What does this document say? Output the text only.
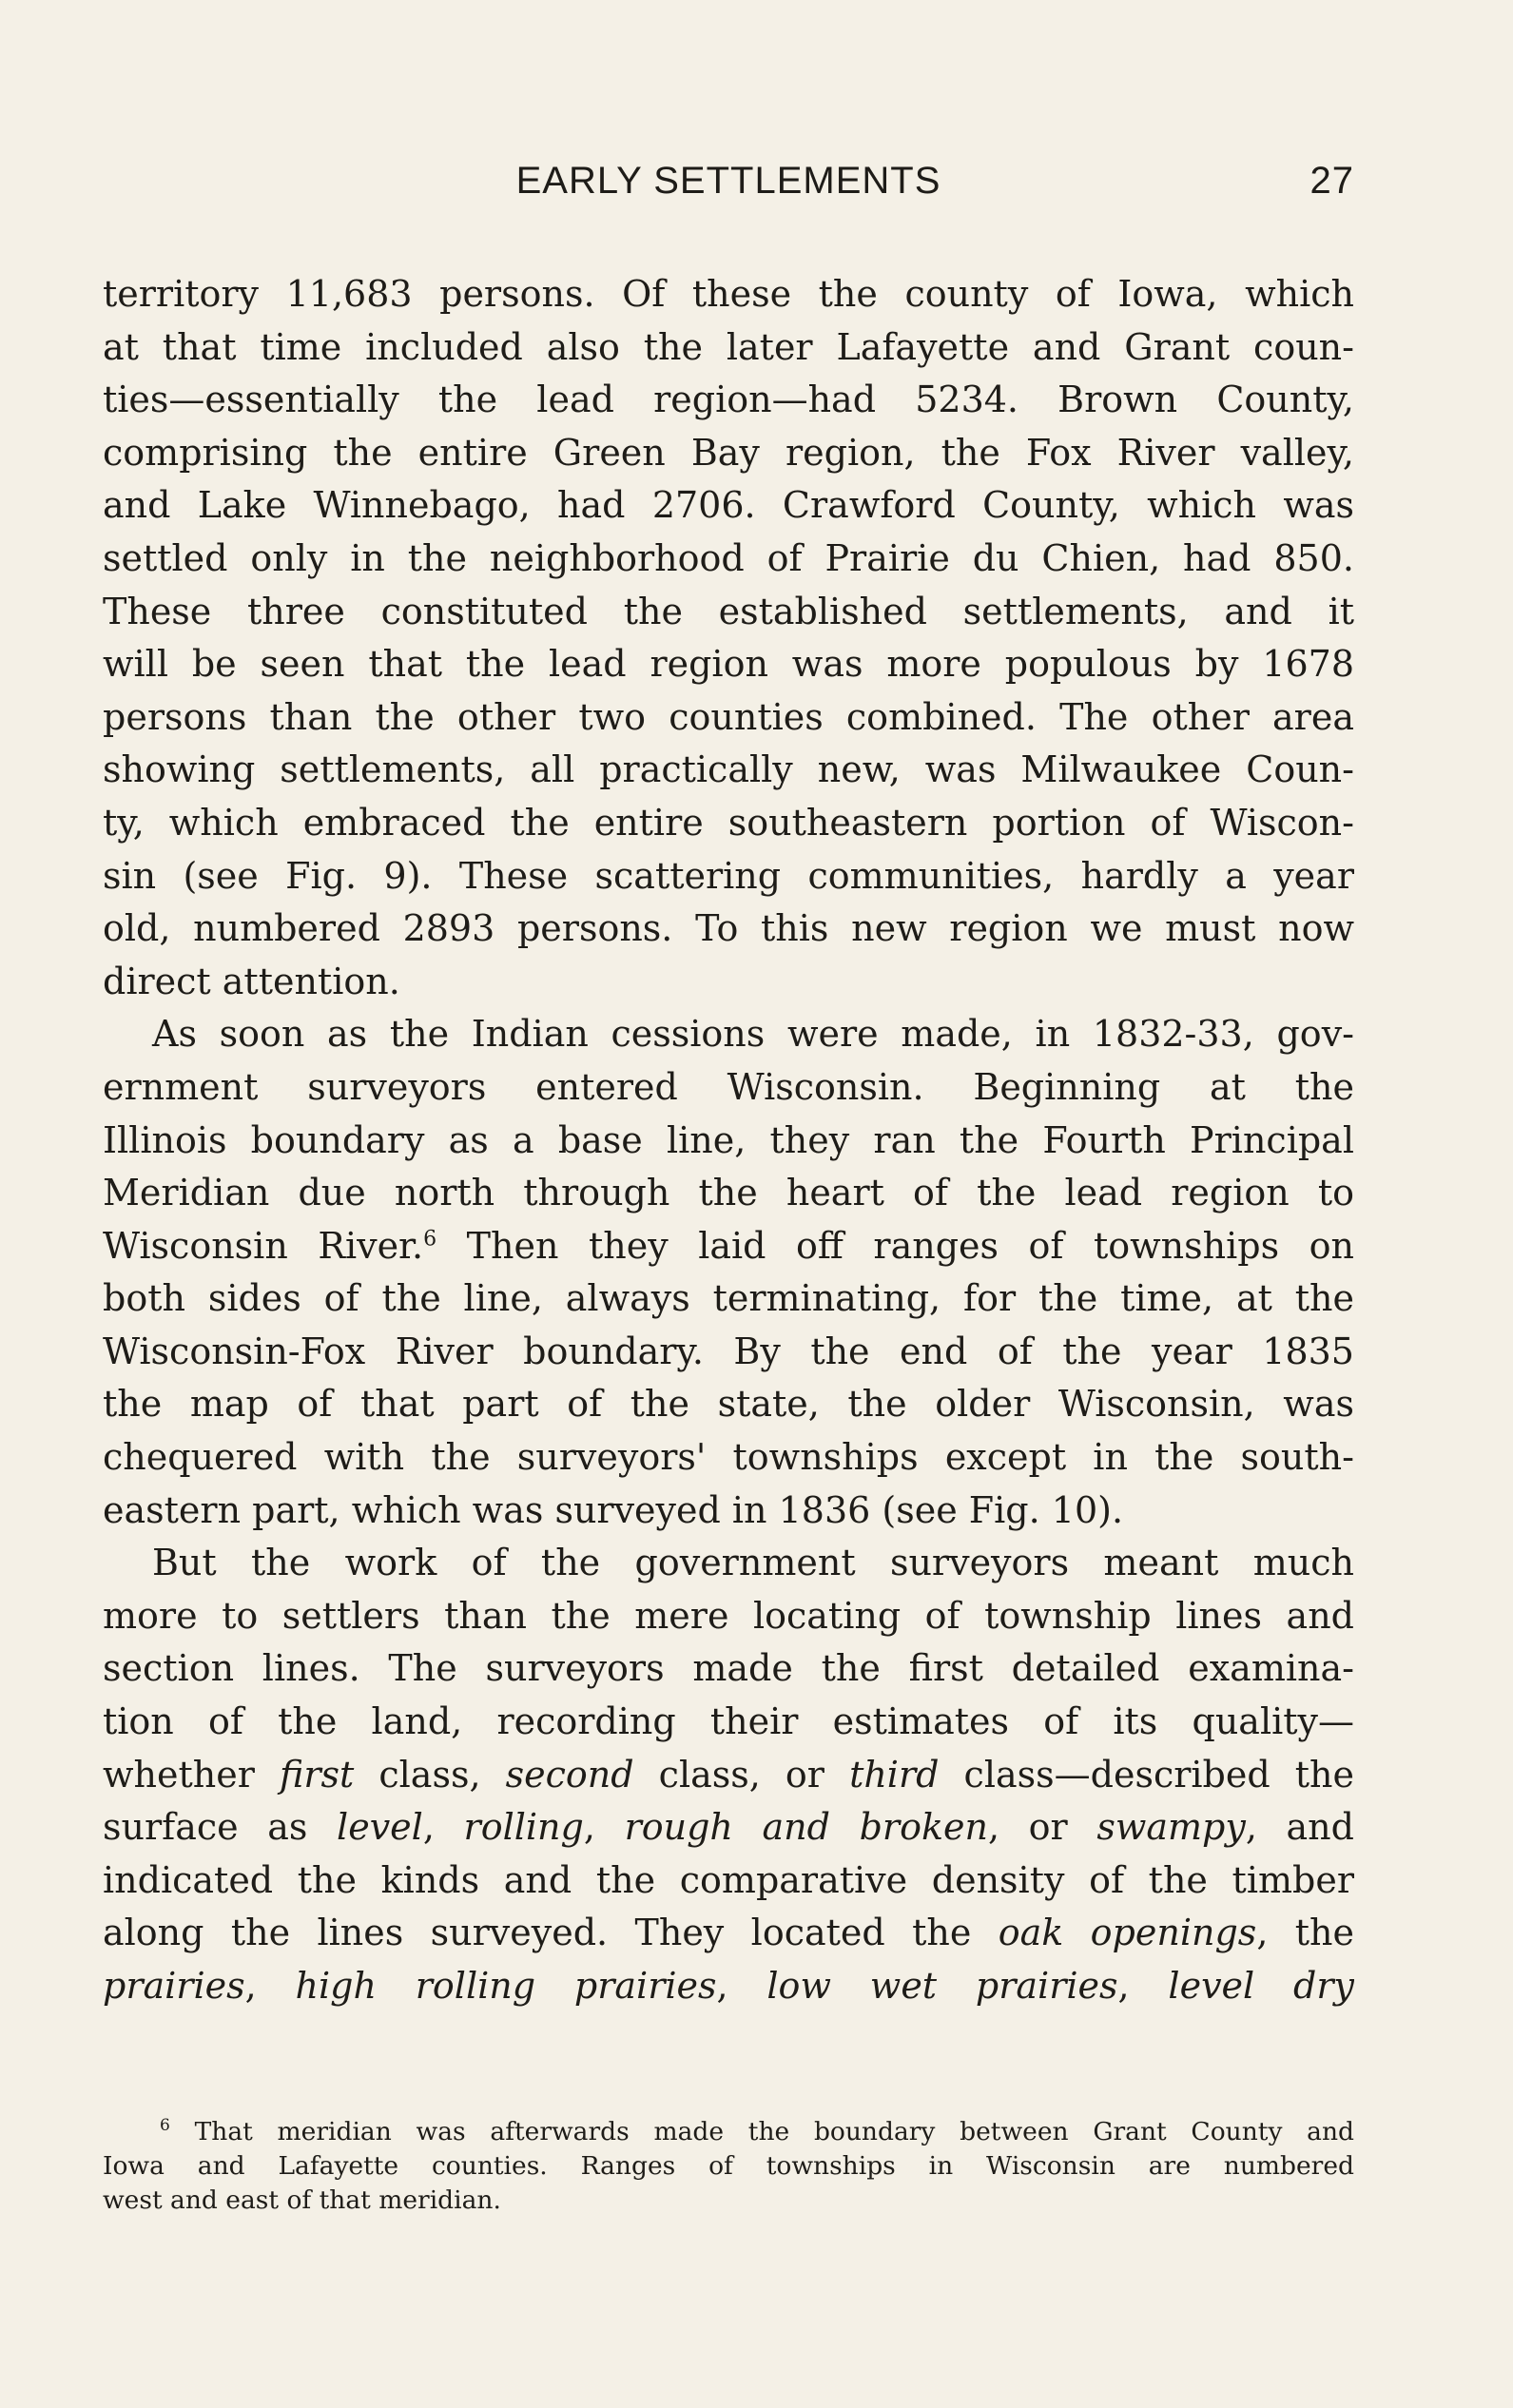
EARLY SETTLEMENTS	27
territory 11,683 persons. Of these the county of Iowa, which
at that time included also the later Lafayette and Grant coun-
ties—essentially the lead region—had 5234. Brown County,
comprising the entire Green Bay region, the Fox River valley,
and Lake Winnebago, had 2706. Crawford County, which was
settled only in the neighborhood of Prairie du Chien, had 850.
These three constituted the established settlements, and it
will be seen that the lead region was more populous by 1678
persons than the other two counties combined. The other area
showing settlements, all practically new, was Milwaukee Coun-
ty, which embraced the entire southeastern portion of Wiscon-
sin (see Fig. 9). These scattering communities, hardly a year
old, numbered 2893 persons. To this new region we must now
direct attention.
As soon as the Indian cessions were made, in 1832-33, gov-
ernment surveyors entered Wisconsin. Beginning at the
Illinois boundary as a base line, they ran the Fourth Principal
Meridian due north through the heart of the lead region to
Wisconsin River.$^6$ Then they laid off ranges of townships on
both sides of the line, always terminating, for the time, at the
Wisconsin-Fox River boundary. By the end of the year 1835
the map of that part of the state, the older Wisconsin, was
chequered with the surveyors' townships except in the south-
eastern part, which was surveyed in 1836 (see Fig. 10).
But the work of the government surveyors meant much
more to settlers than the mere locating of township lines and
section lines. The surveyors made the first detailed examina-
tion of the land, recording their estimates of its quality—
whether first class, second class, or third class—described the
surface as level, rolling, rough and broken, or swampy, and
indicated the kinds and the comparative density of the timber
along the lines surveyed. They located the oak openings, the
prairies, high rolling prairies, low wet prairies, level dry
$^6$ That meridian was afterwards made the boundary between Grant County and
Iowa and Lafayette counties. Ranges of townships in Wisconsin are numbered
west and east of that meridian.
